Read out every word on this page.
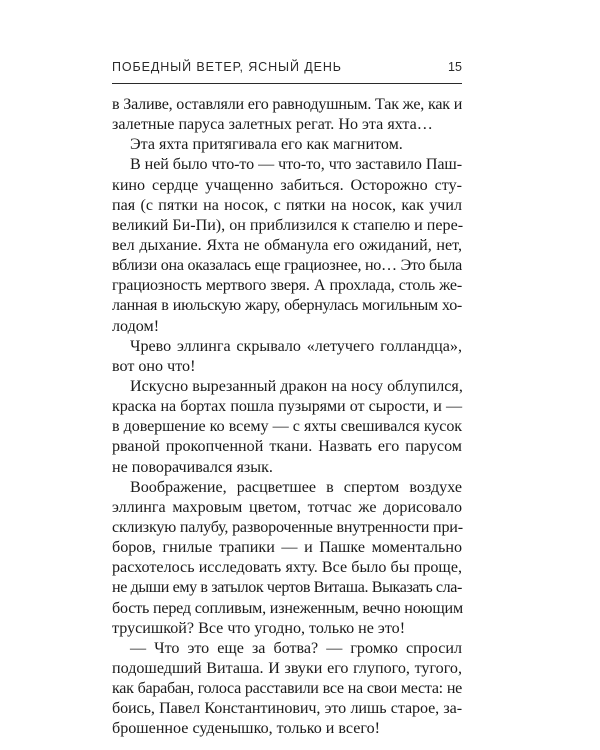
ПОБЕДНЫЙ ВЕТЕР, ЯСНЫЙ ДЕНЬ	15
в Заливе, оставляли его равнодушным. Так же, как и
залетные паруса залетных регат. Но эта яхта…
Эта яхта притягивала его как магнитом.
В ней было что-то — что-то, что заставило Паш-
кино сердце учащенно забиться. Осторожно сту-
пая (с пятки на носок, с пятки на носок, как учил
великий Би-Пи), он приблизился к стапелю и пере-
вел дыхание. Яхта не обманула его ожиданий, нет,
вблизи она оказалась еще грациознее, но… Это была
грациозность мертвого зверя. А прохлада, столь же-
ланная в июльскую жару, обернулась могильным хо-
лодом!
Чрево эллинга скрывало «летучего голландца»,
вот оно что!
Искусно вырезанный дракон на носу облупился,
краска на бортах пошла пузырями от сырости, и —
в довершение ко всему — с яхты свешивался кусок
рваной прокопченной ткани. Назвать его парусом
не поворачивался язык.
Воображение, расцветшее в спертом воздухе
эллинга махровым цветом, тотчас же дорисовало
склизкую палубу, развороченные внутренности при-
боров, гнилые трапики — и Пашке моментально
расхотелось исследовать яхту. Все было бы проще,
не дыши ему в затылок чертов Виташа. Выказать сла-
бость перед сопливым, изнеженным, вечно ноющим
трусишкой? Все что угодно, только не это!
— Что это еще за ботва? — громко спросил
подошедший Виташа. И звуки его глупого, тугого,
как барабан, голоса расставили все на свои места: не
боись, Павел Константинович, это лишь старое, за-
брошенное суденышко, только и всего!
